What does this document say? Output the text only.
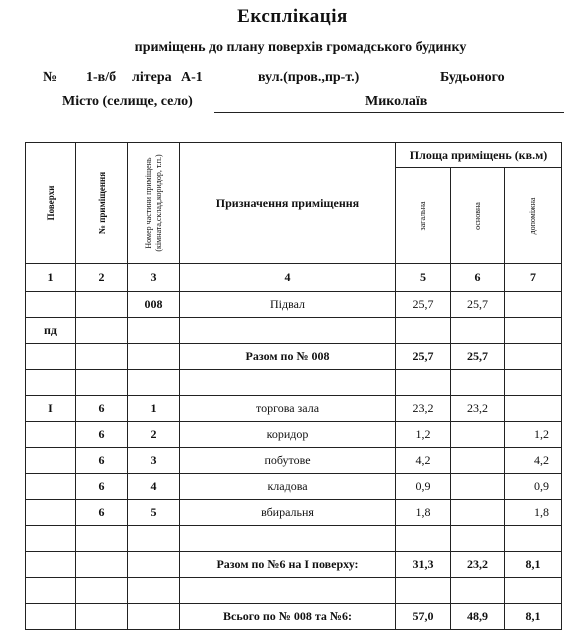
Експлікація
приміщень до плану поверхів громадського будинку
№ 1-в/б літера А-1	вул.(пров.,пр-т.)	Будьоного
Місто (селище, село)	Миколаїв
Поверхи	№ приміщення	Номер частини приміщень (кімната,склад,коридор, т.п.)	Призначення приміщення	Площа приміщень (кв.м)		

				загальна	основна	допоміжна

1	2	3	4	5	6	7
		008	Підвал	25,7	25,7	
пд						
			Разом по № 008	25,7	25,7	

I	6	1	торгова зала	23,2	23,2	
	6	2	коридор	1,2		1,2
	6	3	побутове	4,2		4,2
	6	4	кладова	0,9		0,9
	6	5	вбиральня	1,8		1,8

			Разом по №6 на І поверху:	31,3	23,2	8,1

			Всього по № 008 та №6:	57,0	48,9	8,1
